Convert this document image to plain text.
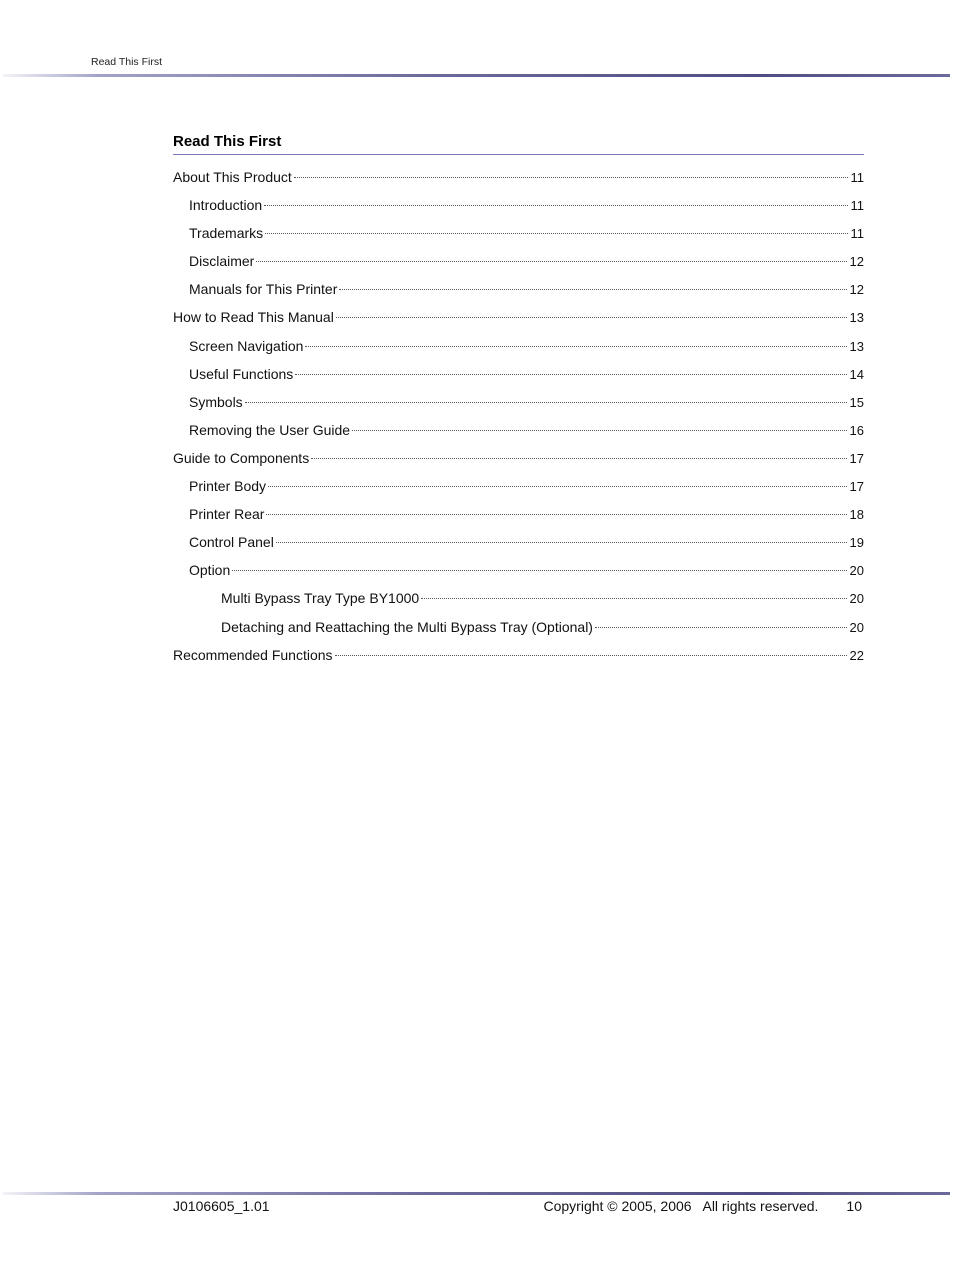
Read This First
Read This First
About This Product	11
Introduction	11
Trademarks	11
Disclaimer	12
Manuals for This Printer	12
How to Read This Manual	13
Screen Navigation	13
Useful Functions	14
Symbols	15
Removing the User Guide	16
Guide to Components	17
Printer Body	17
Printer Rear	18
Control Panel	19
Option	20
Multi Bypass Tray Type BY1000	20
Detaching and Reattaching the Multi Bypass Tray (Optional)	20
Recommended Functions	22
J0106605_1.01	Copyright © 2005, 2006   All rights reserved. 10
